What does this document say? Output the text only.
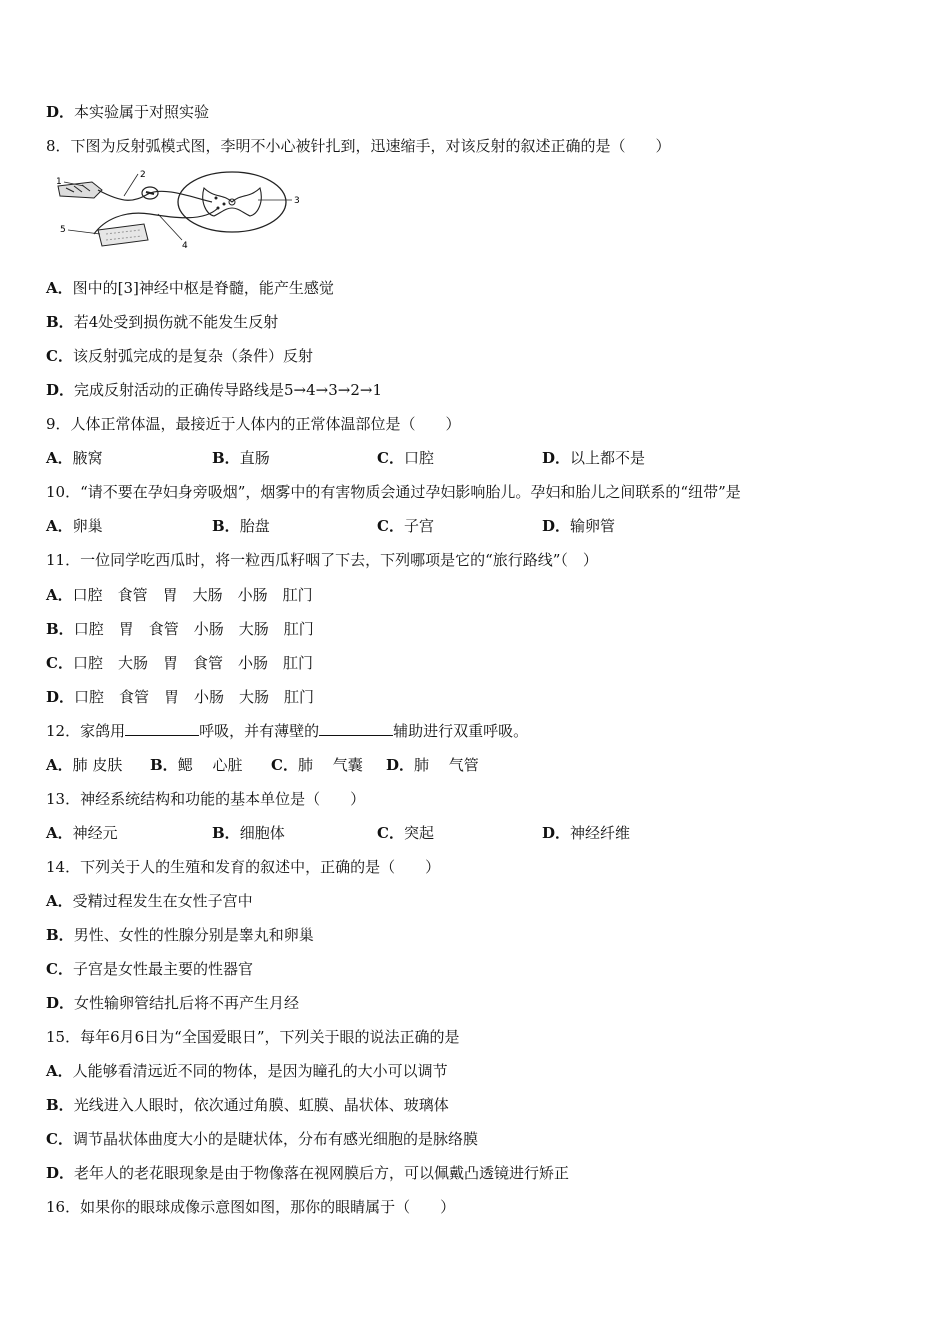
D．本实验属于对照实验
8．下图为反射弧模式图，李明不小心被针扎到，迅速缩手，对该反射的叙述正确的是（　　）
1
2
3
4
5
A．图中的[3]神经中枢是脊髓，能产生感觉
B．若4处受到损伤就不能发生反射
C．该反射弧完成的是复杂（条件）反射
D．完成反射活动的正确传导路线是5→4→3→2→1
9．人体正常体温，最接近于人体内的正常体温部位是（　　）
A．腋窝	B．直肠	C．口腔	D．以上都不是
10．“请不要在孕妇身旁吸烟”，烟雾中的有害物质会通过孕妇影响胎儿。孕妇和胎儿之间联系的“纽带”是
A．卵巢	B．胎盘	C．子宫	D．输卵管
11．一位同学吃西瓜时，将一粒西瓜籽咽了下去，下列哪项是它的“旅行路线”（　）
A．口腔　食管　胃　大肠　小肠　肛门
B．口腔　胃　食管　小肠　大肠　肛门
C．口腔　大肠　胃　食管　小肠　肛门
D．口腔　食管　胃　小肠　大肠　肛门
12．家鸽用	呼吸，并有薄壁的	辅助进行双重呼吸。
A．肺 皮肤 B．鳃　 心脏 C．肺　 气囊 D．肺　 气管
13．神经系统结构和功能的基本单位是（　　）
A．神经元	B．细胞体	C．突起	D．神经纤维
14．下列关于人的生殖和发育的叙述中，正确的是（　　）
A．受精过程发生在女性子宫中
B．男性、女性的性腺分别是睾丸和卵巢
C．子宫是女性最主要的性器官
D．女性输卵管结扎后将不再产生月经
15．每年6月6日为“全国爱眼日”，下列关于眼的说法正确的是
A．人能够看清远近不同的物体，是因为瞳孔的大小可以调节
B．光线进入人眼时，依次通过角膜、虹膜、晶状体、玻璃体
C．调节晶状体曲度大小的是睫状体，分布有感光细胞的是脉络膜
D．老年人的老花眼现象是由于物像落在视网膜后方，可以佩戴凸透镜进行矫正
16．如果你的眼球成像示意图如图，那你的眼睛属于（　　）
